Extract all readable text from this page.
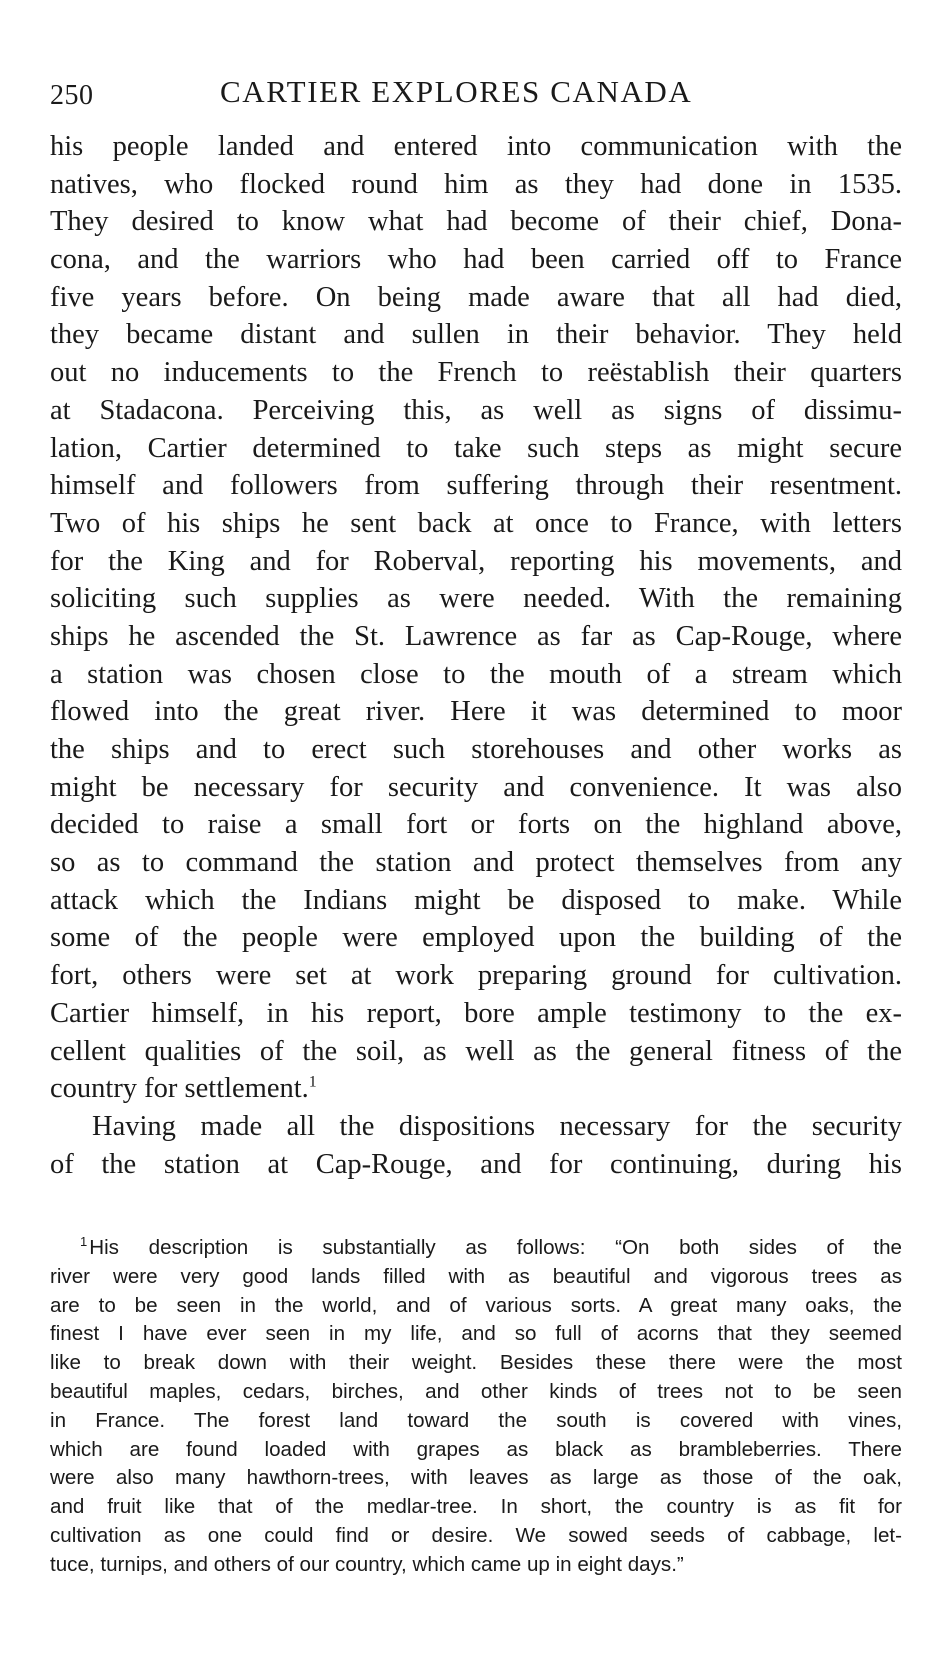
250	CARTIER EXPLORES CANADA
his people landed and entered into communication with the
natives, who flocked round him as they had done in 1535.
They desired to know what had become of their chief, Dona-
cona, and the warriors who had been carried off to France
five years before. On being made aware that all had died,
they became distant and sullen in their behavior. They held
out no inducements to the French to reëstablish their quarters
at Stadacona. Perceiving this, as well as signs of dissimu-
lation, Cartier determined to take such steps as might secure
himself and followers from suffering through their resentment.
Two of his ships he sent back at once to France, with letters
for the King and for Roberval, reporting his movements, and
soliciting such supplies as were needed. With the remaining
ships he ascended the St. Lawrence as far as Cap-Rouge, where
a station was chosen close to the mouth of a stream which
flowed into the great river. Here it was determined to moor
the ships and to erect such storehouses and other works as
might be necessary for security and convenience. It was also
decided to raise a small fort or forts on the highland above,
so as to command the station and protect themselves from any
attack which the Indians might be disposed to make. While
some of the people were employed upon the building of the
fort, others were set at work preparing ground for cultivation.
Cartier himself, in his report, bore ample testimony to the ex-
cellent qualities of the soil, as well as the general fitness of the
country for settlement.$^1$
Having made all the dispositions necessary for the security
of the station at Cap-Rouge, and for continuing, during his
$^1$His description is substantially as follows: “On both sides of the
river were very good lands filled with as beautiful and vigorous trees as
are to be seen in the world, and of various sorts. A great many oaks, the
finest I have ever seen in my life, and so full of acorns that they seemed
like to break down with their weight. Besides these there were the most
beautiful maples, cedars, birches, and other kinds of trees not to be seen
in France. The forest land toward the south is covered with vines,
which are found loaded with grapes as black as brambleberries. There
were also many hawthorn-trees, with leaves as large as those of the oak,
and fruit like that of the medlar-tree. In short, the country is as fit for
cultivation as one could find or desire. We sowed seeds of cabbage, let-
tuce, turnips, and others of our country, which came up in eight days.”
